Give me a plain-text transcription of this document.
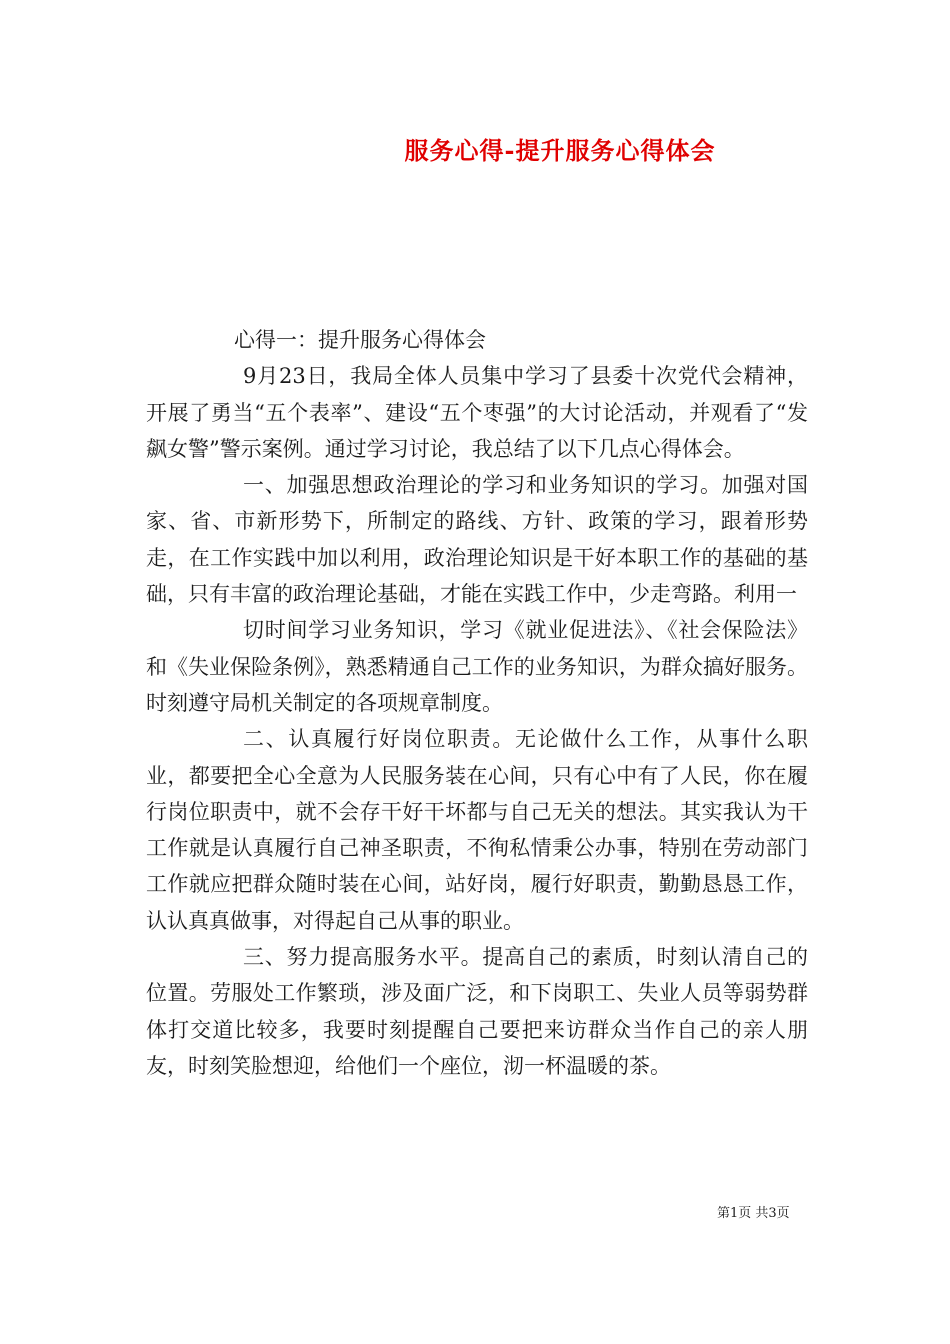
服务心得-提升服务心得体会

心得一：提升服务心得体会

9月23日，我局全体人员集中学习了县委十次党代会精神，开展了勇当“五个表率”、建设“五个枣强”的大讨论活动，并观看了“发飙女警”警示案例。通过学习讨论，我总结了以下几点心得体会。

一、加强思想政治理论的学习和业务知识的学习。加强对国家、省、市新形势下，所制定的路线、方针、政策的学习，跟着形势走，在工作实践中加以利用，政治理论知识是干好本职工作的基础的基础，只有丰富的政治理论基础，才能在实践工作中，少走弯路。利用一

切时间学习业务知识，学习《就业促进法》、《社会保险法》和《失业保险条例》，熟悉精通自己工作的业务知识，为群众搞好服务。时刻遵守局机关制定的各项规章制度。

二、认真履行好岗位职责。无论做什么工作，从事什么职业，都要把全心全意为人民服务装在心间，只有心中有了人民，你在履行岗位职责中，就不会存干好干坏都与自己无关的想法。其实我认为干工作就是认真履行自己神圣职责，不徇私情秉公办事，特别在劳动部门工作就应把群众随时装在心间，站好岗，履行好职责，勤勤恳恳工作，认认真真做事，对得起自己从事的职业。

三、努力提高服务水平。提高自己的素质，时刻认清自己的位置。劳服处工作繁琐，涉及面广泛，和下岗职工、失业人员等弱势群体打交道比较多，我要时刻提醒自己要把来访群众当作自己的亲人朋友，时刻笑脸想迎，给他们一个座位，沏一杯温暖的茶。

第1页 共3页
